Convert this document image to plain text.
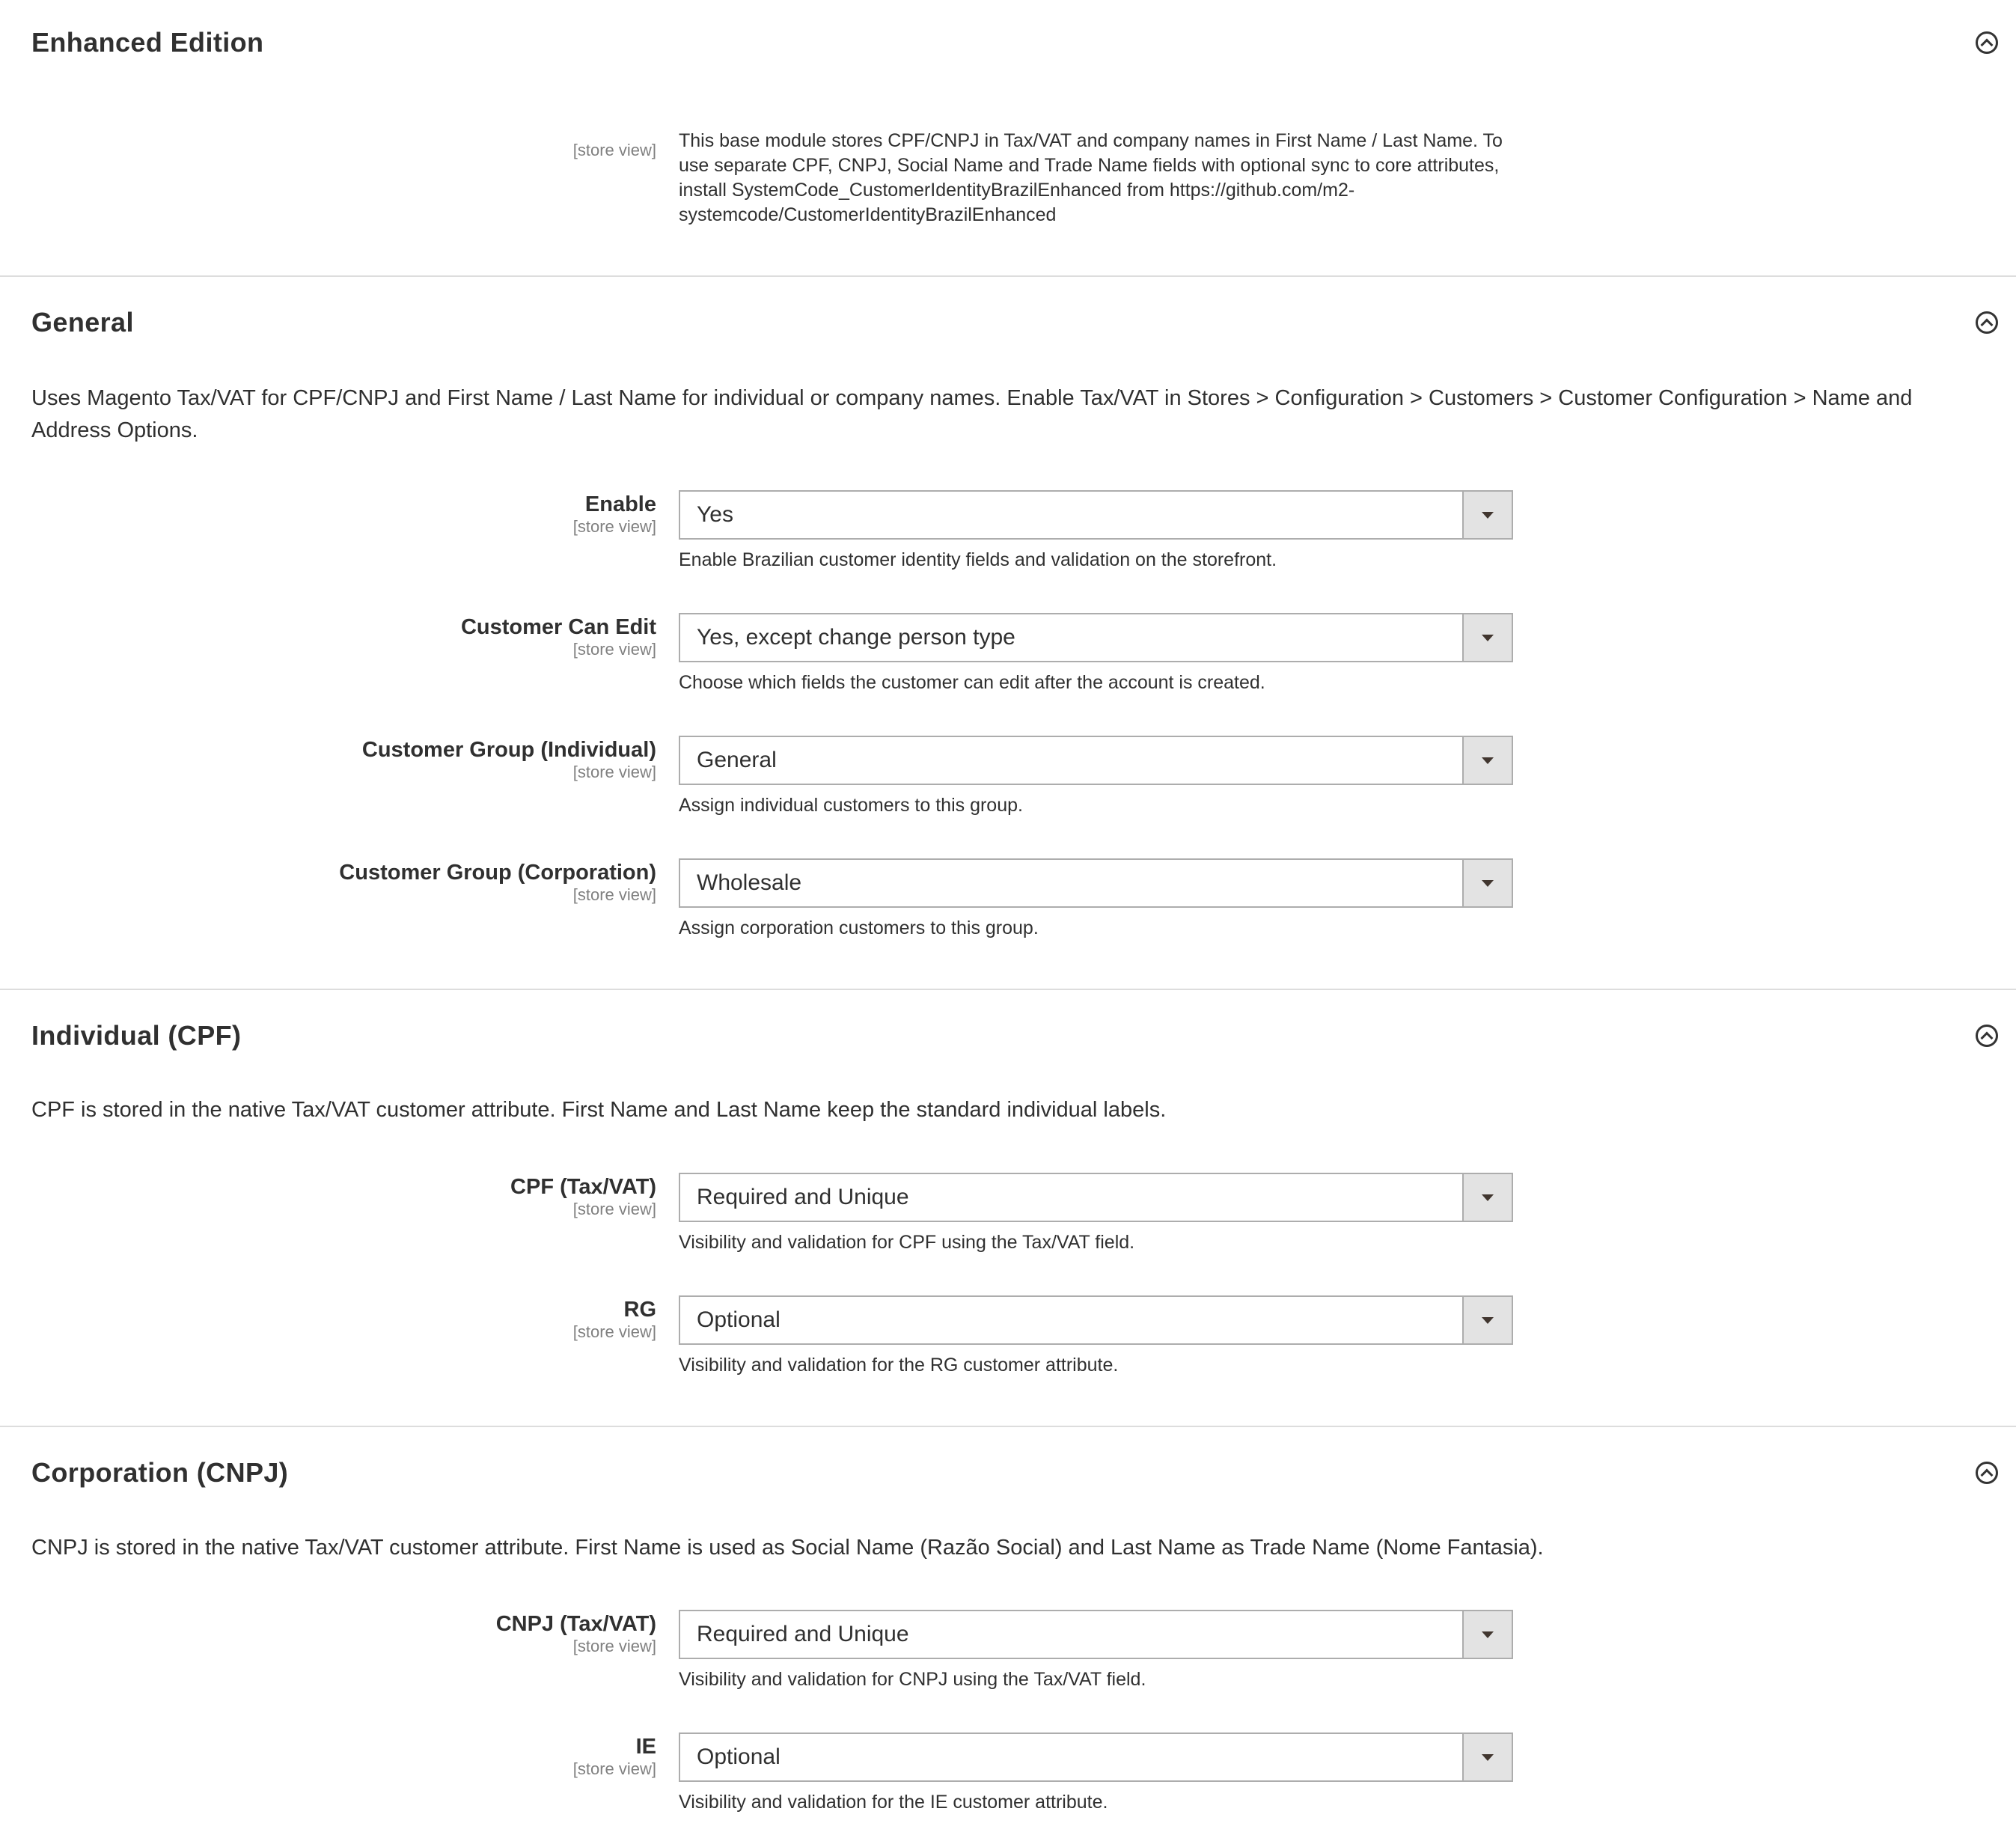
Enhanced Edition
[store view] This base module stores CPF/CNPJ in Tax/VAT and company names in First Name / Last Name. To use separate CPF, CNPJ, Social Name and Trade Name fields with optional sync to core attributes, install SystemCode_CustomerIdentityBrazilEnhanced from https://github.com/m2-systemcode/CustomerIdentityBrazilEnhanced

General

Uses Magento Tax/VAT for CPF/CNPJ and First Name / Last Name for individual or company names. Enable Tax/VAT in Stores > Configuration > Customers > Customer Configuration > Name and Address Options.

Enable
[store view] Yes

Enable Brazilian customer identity fields and validation on the storefront.

Customer Can Edit
[store view] Yes, except change person type

Choose which fields the customer can edit after the account is created.

Customer Group (Individual)
[store view] General

Assign individual customers to this group.

Customer Group (Corporation)
[store view] Wholesale

Assign corporation customers to this group.

Individual (CPF)

CPF is stored in the native Tax/VAT customer attribute. First Name and Last Name keep the standard individual labels.

CPF (Tax/VAT)
[store view] Required and Unique

Visibility and validation for CPF using the Tax/VAT field.

RG
[store view] Optional

Visibility and validation for the RG customer attribute.

Corporation (CNPJ)

CNPJ is stored in the native Tax/VAT customer attribute. First Name is used as Social Name (Razão Social) and Last Name as Trade Name (Nome Fantasia).

CNPJ (Tax/VAT)
[store view] Required and Unique

Visibility and validation for CNPJ using the Tax/VAT field.

IE
[store view] Optional

Visibility and validation for the IE customer attribute.
